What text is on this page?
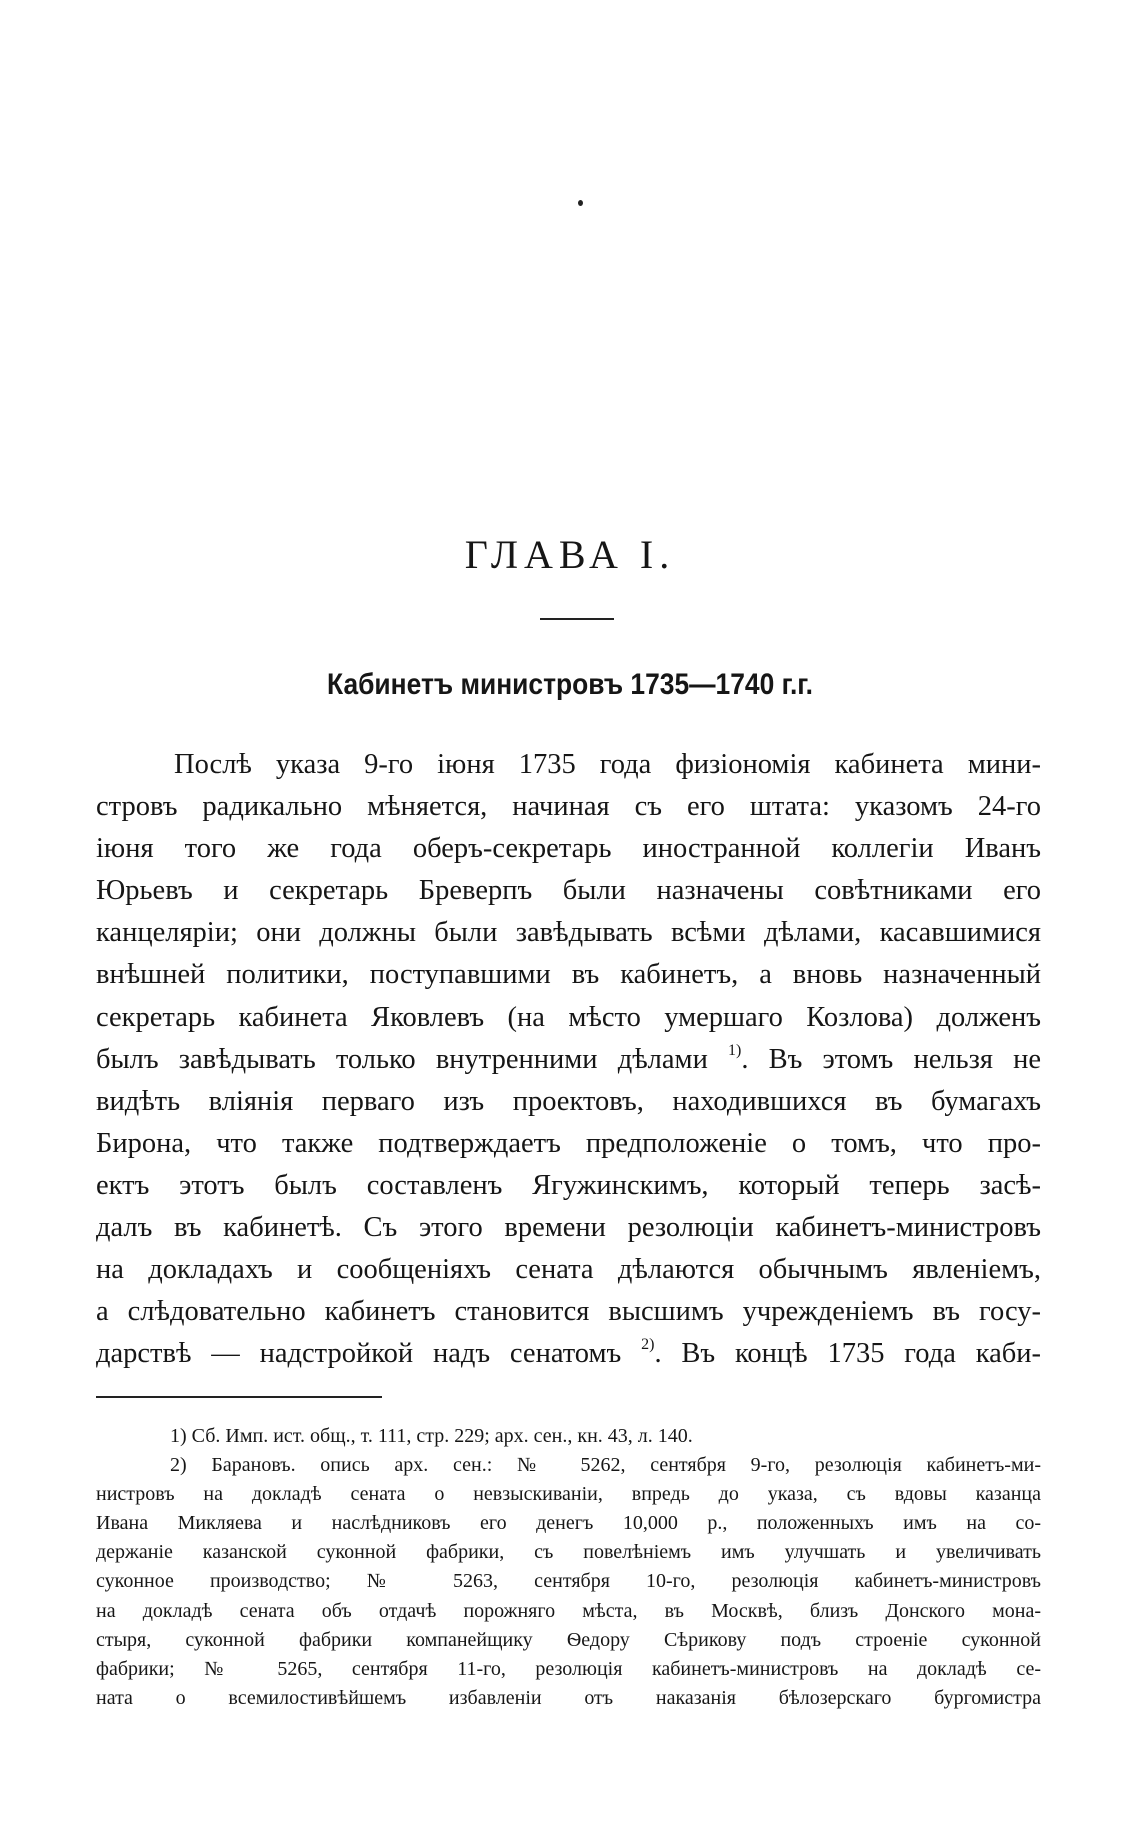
ГЛАВА I.
Кабинетъ министровъ 1735—1740 г.г.
Послѣ указа 9-го іюня 1735 года физіономія кабинета мини-
стровъ радикально мѣняется, начиная съ его штата: указомъ 24-го
іюня того же года оберъ-секретарь иностранной коллегіи Иванъ
Юрьевъ и секретарь Бреверпъ были назначены совѣтниками его
канцеляріи; они должны были завѣдывать всѣми дѣлами, касавшимися
внѣшней политики, поступавшими въ кабинетъ, а вновь назначенный
секретарь кабинета Яковлевъ (на мѣсто умершаго Козлова) долженъ
былъ завѣдывать только внутренними дѣлами $^{1)}$. Въ этомъ нельзя не
видѣть вліянія перваго изъ проектовъ, находившихся въ бумагахъ
Бирона, что также подтверждаетъ предположеніе о томъ, что про-
ектъ этотъ былъ составленъ Ягужинскимъ, который теперь засѣ-
далъ въ кабинетѣ. Съ этого времени резолюціи кабинетъ-министровъ
на докладахъ и сообщеніяхъ сената дѣлаются обычнымъ явленіемъ,
а слѣдовательно кабинетъ становится высшимъ учрежденіемъ въ госу-
дарствѣ — надстройкой надъ сенатомъ $^{2)}$. Въ концѣ 1735 года каби-
1) Сб. Имп. ист. общ., т. 111, стр. 229; арх. сен., кн. 43, л. 140.
2) Барановъ. опись арх. сен.: № 5262, сентября 9-го, резолюція кабинетъ-ми-
нистровъ на докладѣ сената о невзыскиваніи, впредь до указа, съ вдовы казанца
Ивана Микляева и наслѣдниковъ его денегъ 10,000 р., положенныхъ имъ на со-
держаніе казанской суконной фабрики, съ повелѣніемъ имъ улучшать и увеличивать
суконное производство; № 5263, сентября 10-го, резолюція кабинетъ-министровъ
на докладѣ сената объ отдачѣ порожняго мѣста, въ Москвѣ, близъ Донского мона-
стыря, суконной фабрики компанейщику Ѳедору Сѣрикову подъ строеніе суконной
фабрики; № 5265, сентября 11-го, резолюція кабинетъ-министровъ на докладѣ се-
ната о всемилостивѣйшемъ избавленіи отъ наказанія бѣлозерскаго бургомистра
